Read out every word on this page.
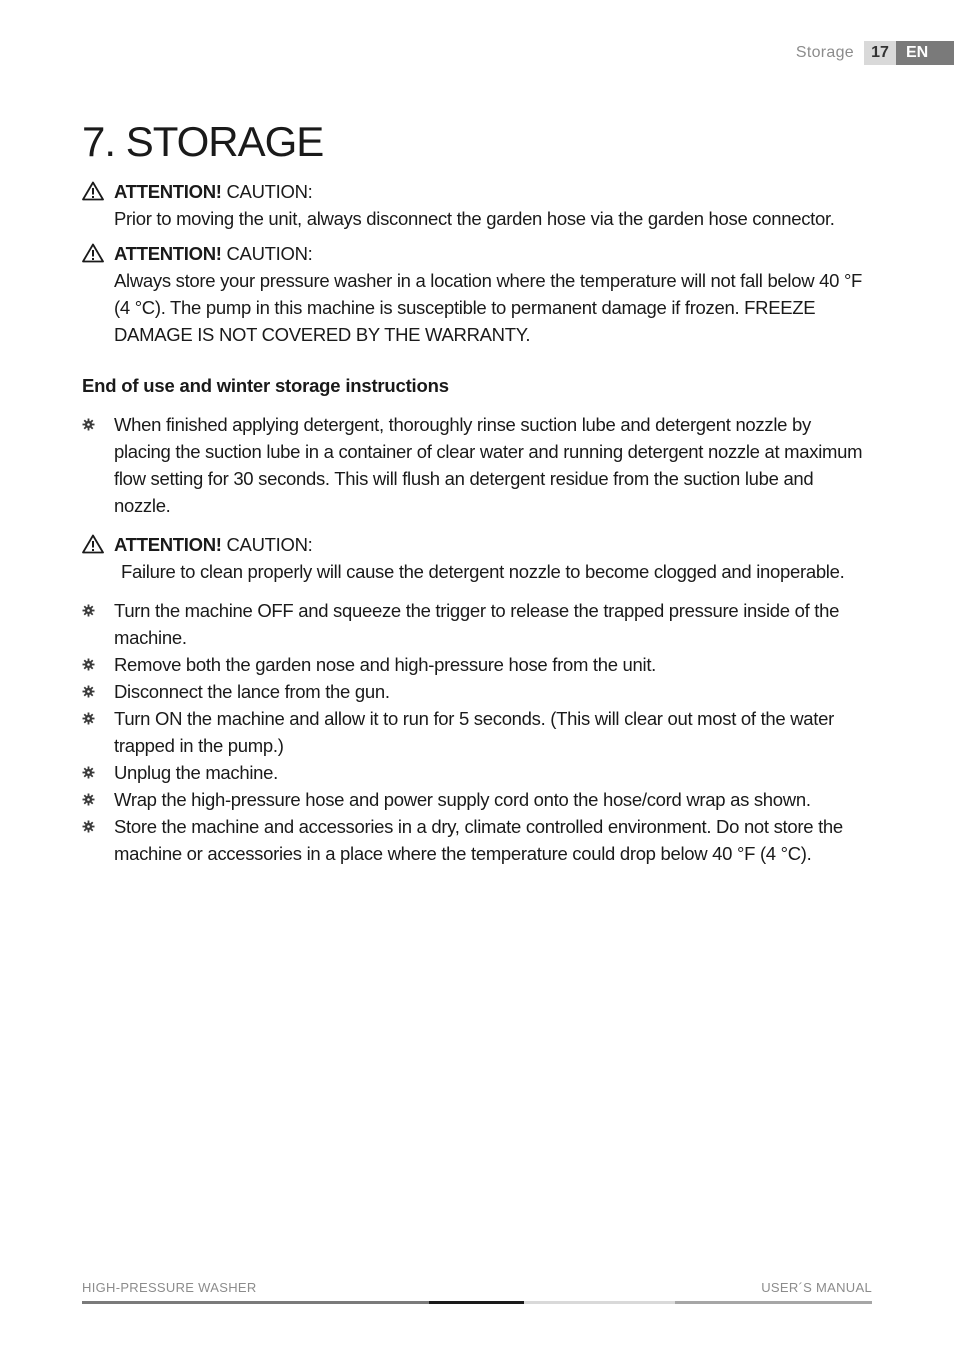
Storage	17	EN
7. STORAGE
ATTENTION! CAUTION:
Prior to moving the unit, always disconnect the garden hose via the garden hose connector.
ATTENTION! CAUTION:
Always store your pressure washer in a location where the temperature will not fall below 40 °F (4 °C). The pump in this machine is susceptible to permanent damage if frozen. FREEZE DAMAGE IS NOT COVERED BY THE WARRANTY.
End of use and winter storage instructions
When finished applying detergent, thoroughly rinse suction lube and detergent nozzle by placing the suction lube in a container of clear water and running detergent nozzle at maximum flow setting for 30 seconds. This will flush an detergent residue from the suction lube and nozzle.
ATTENTION! CAUTION:
Failure to clean properly will cause the detergent nozzle to become clogged and inoperable.
Turn the machine OFF and squeeze the trigger to release the trapped pressure inside of the machine.
Remove both the garden nose and high-pressure hose from the unit.
Disconnect the lance from the gun.
Turn ON the machine and allow it to run for 5 seconds. (This will clear out most of the water trapped in the pump.)
Unplug the machine.
Wrap the high-pressure hose and power supply cord onto the hose/cord wrap as shown.
Store the machine and accessories in a dry, climate controlled environment. Do not store the machine or accessories in a place where the temperature could drop below 40 °F (4 °C).
HIGH-PRESSURE WASHER	USER´S MANUAL
